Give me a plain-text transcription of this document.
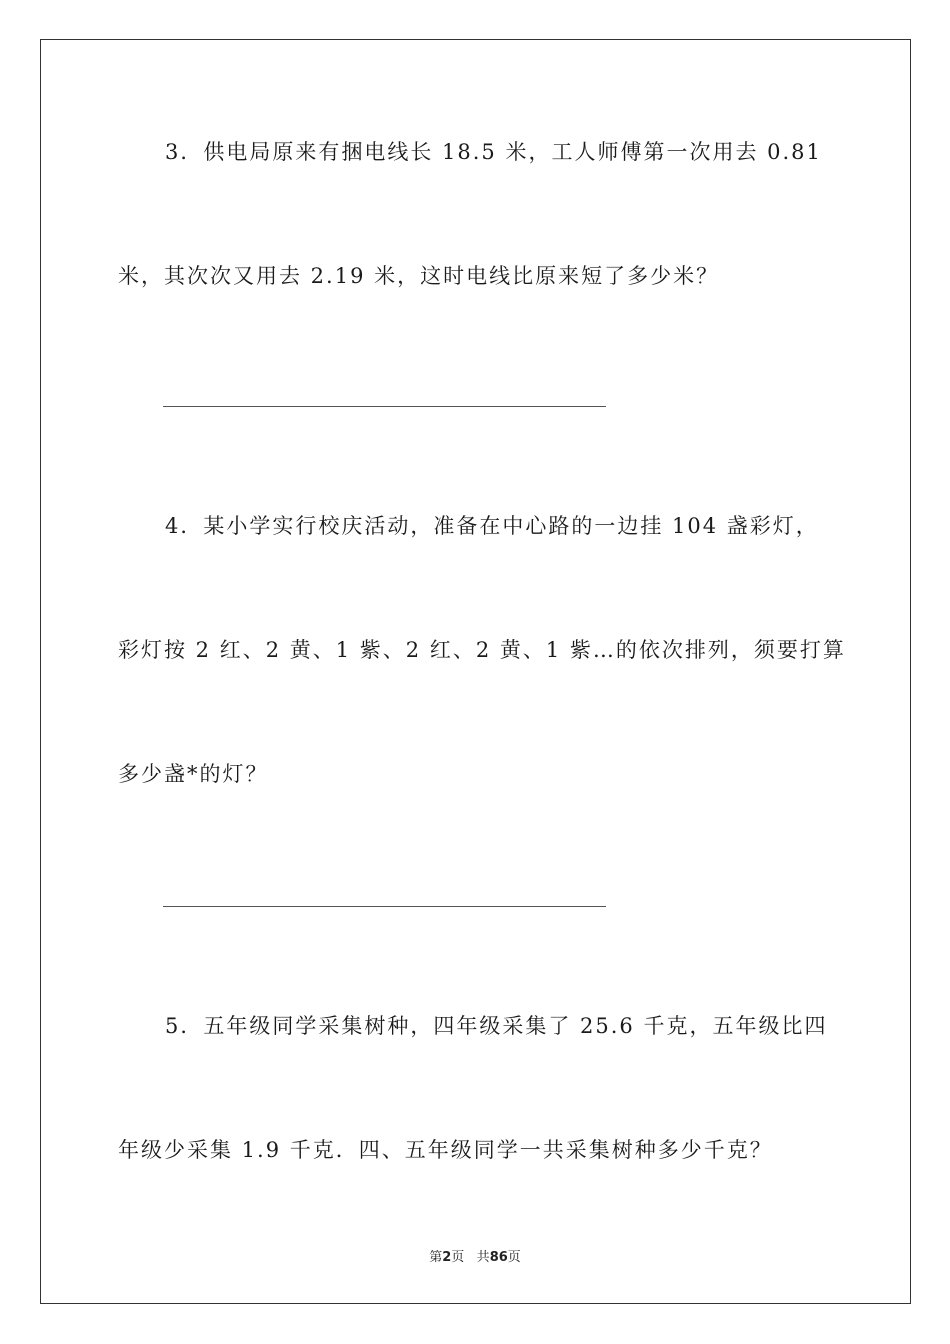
3．供电局原来有捆电线长 18.5 米，工人师傅第一次用去 0.81
米，其次次又用去 2.19 米，这时电线比原来短了多少米？
4．某小学实行校庆活动，准备在中心路的一边挂 104 盏彩灯，
彩灯按 2 红、2 黄、1 紫、2 红、2 黄、1 紫…的依次排列，须要打算
多少盏*的灯？
5．五年级同学采集树种，四年级采集了 25.6 千克，五年级比四
年级少采集 1.9 千克．四、五年级同学一共采集树种多少千克？
第2页 共86页
